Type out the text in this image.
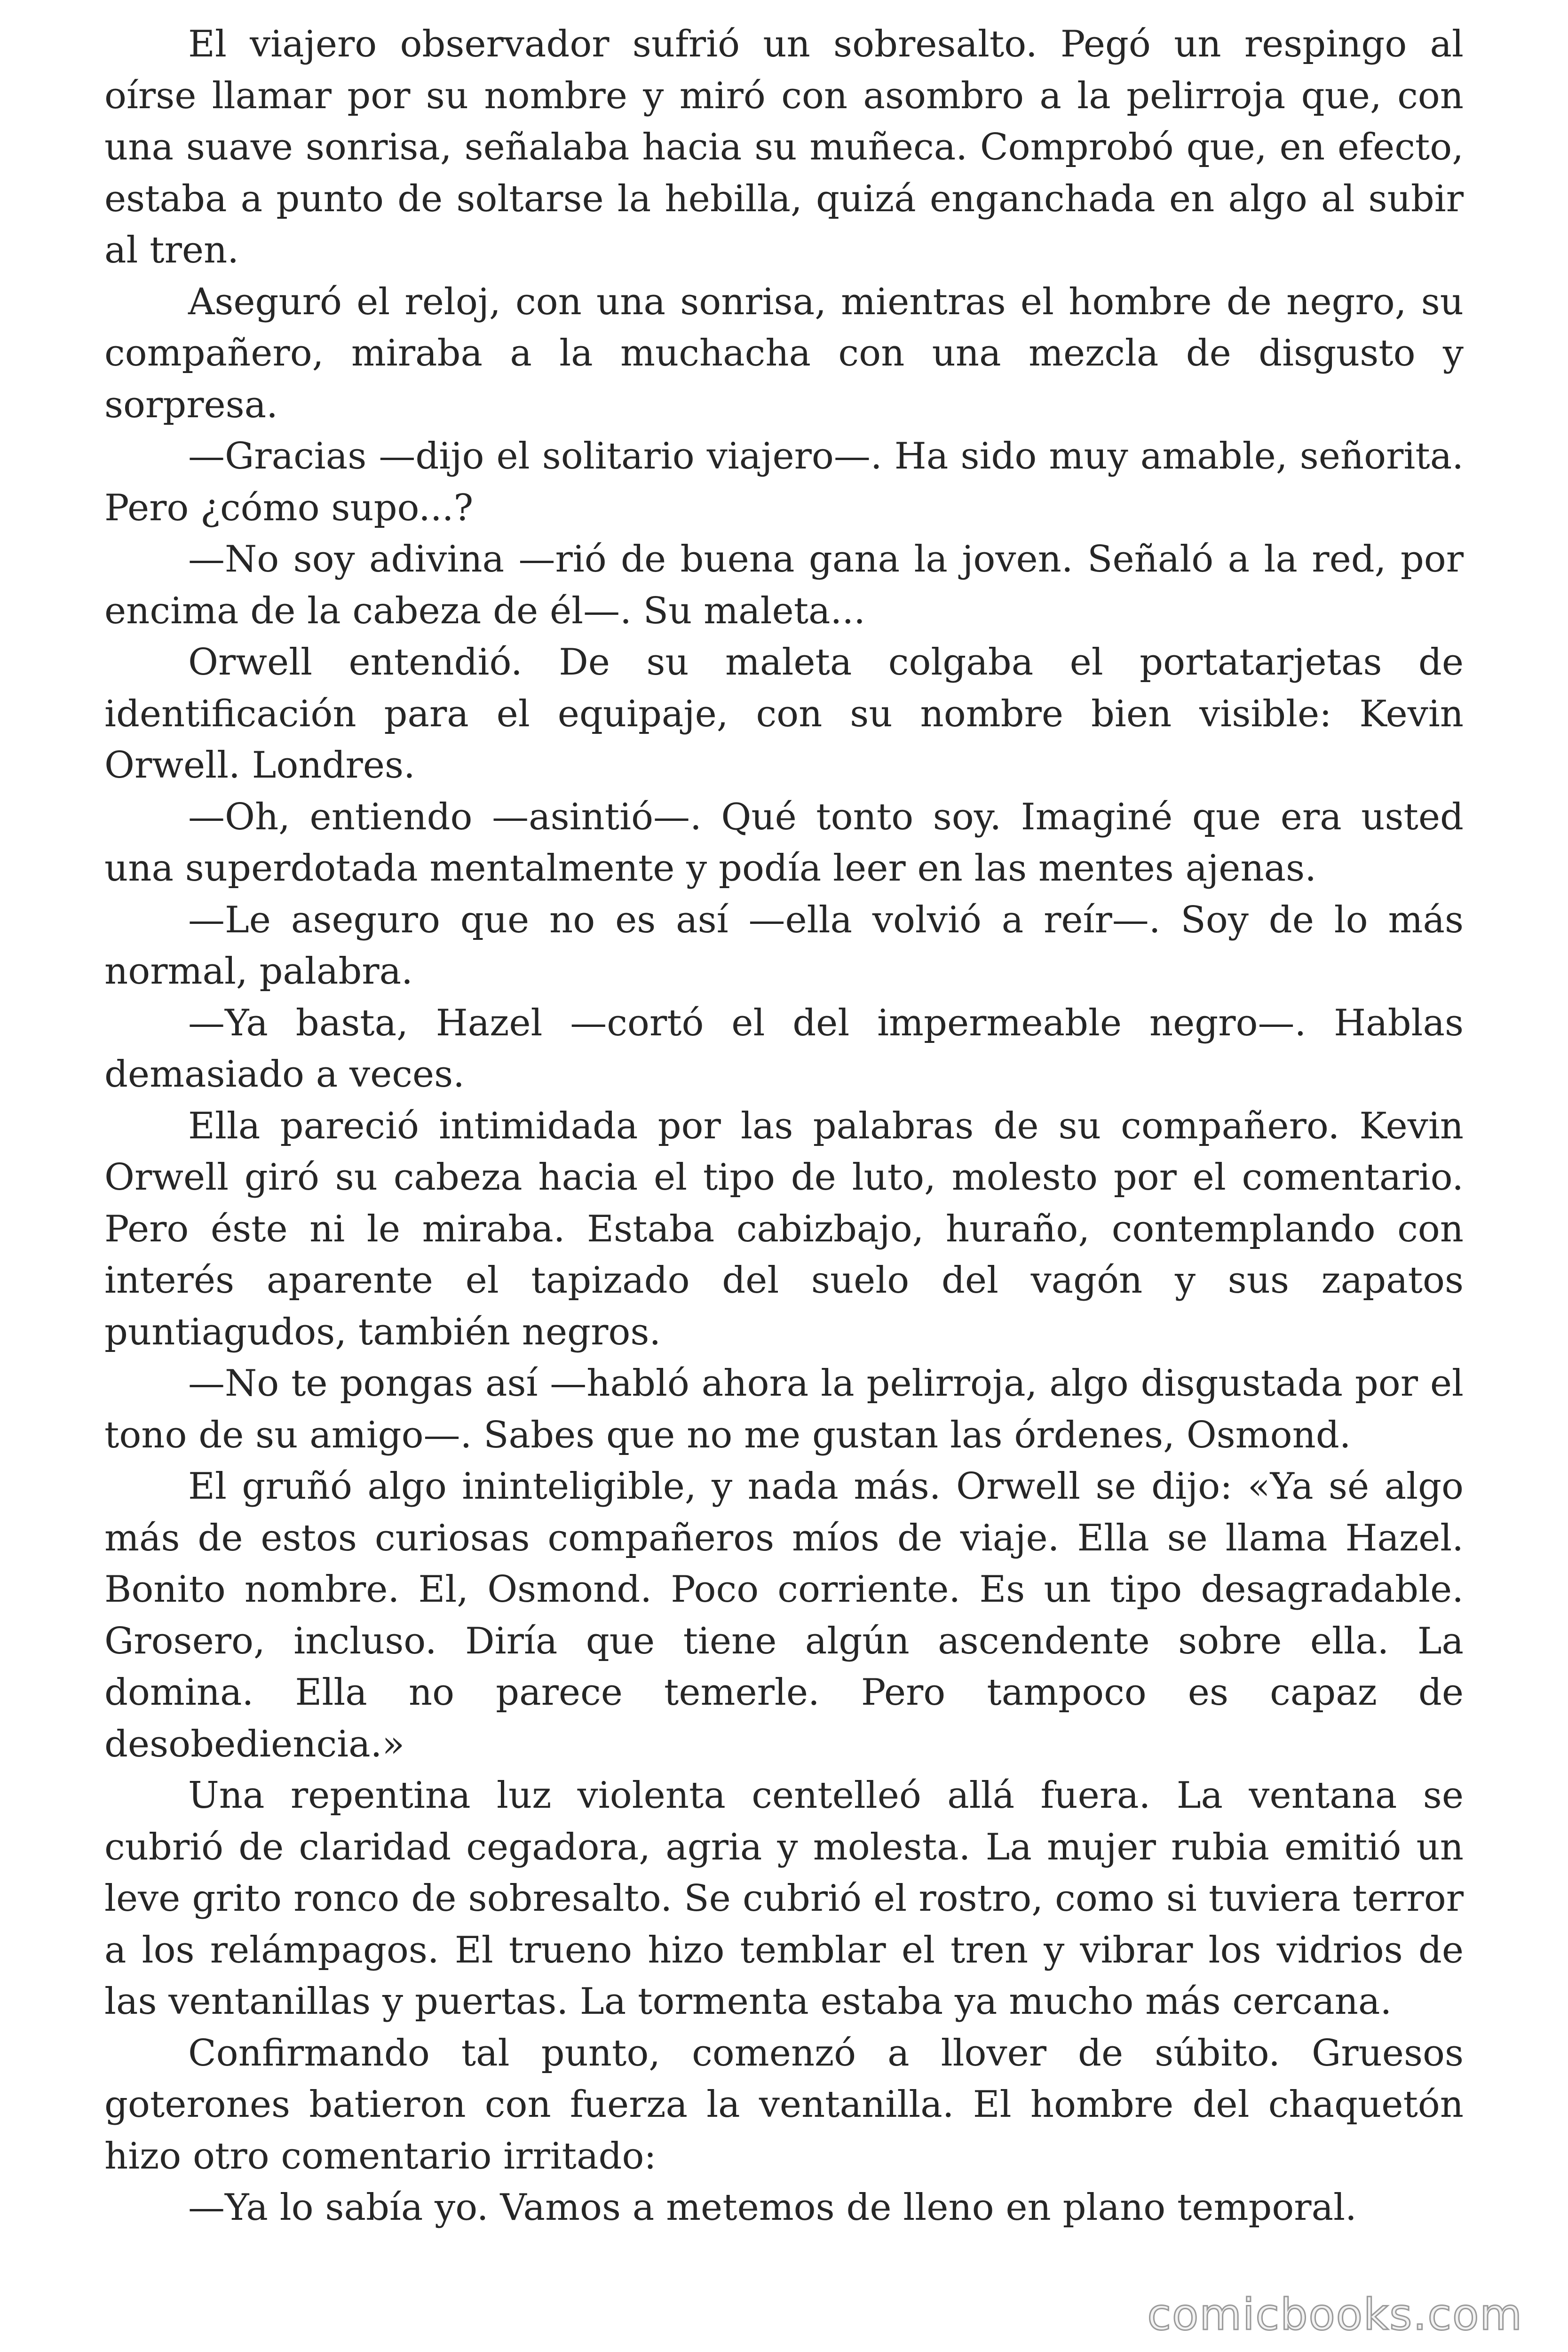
El viajero observador sufrió un sobresalto. Pegó un respingo al oírse llamar por su nombre y miró con asombro a la pelirroja que, con una suave sonrisa, señalaba hacia su muñeca. Comprobó que, en efecto, estaba a punto de soltarse la hebilla, quizá enganchada en algo al subir al tren.

Aseguró el reloj, con una sonrisa, mientras el hombre de negro, su compañero, miraba a la muchacha con una mezcla de disgusto y sorpresa.

—Gracias —dijo el solitario viajero—. Ha sido muy amable, señorita. Pero ¿cómo supo...?

—No soy adivina —rió de buena gana la joven. Señaló a la red, por encima de la cabeza de él—. Su maleta...

Orwell entendió. De su maleta colgaba el portatarjetas de identificación para el equipaje, con su nombre bien visible: Kevin Orwell. Londres.

—Oh, entiendo —asintió—. Qué tonto soy. Imaginé que era usted una superdotada mentalmente y podía leer en las mentes ajenas.

—Le aseguro que no es así —ella volvió a reír—. Soy de lo más normal, palabra.

—Ya basta, Hazel —cortó el del impermeable negro—. Hablas demasiado a veces.

Ella pareció intimidada por las palabras de su compañero. Kevin Orwell giró su cabeza hacia el tipo de luto, molesto por el comentario. Pero éste ni le miraba. Estaba cabizbajo, huraño, contemplando con interés aparente el tapizado del suelo del vagón y sus zapatos puntiagudos, también negros.

—No te pongas así —habló ahora la pelirroja, algo disgustada por el tono de su amigo—. Sabes que no me gustan las órdenes, Osmond.

El gruñó algo ininteligible, y nada más. Orwell se dijo: «Ya sé algo más de estos curiosas compañeros míos de viaje. Ella se llama Hazel. Bonito nombre. El, Osmond. Poco corriente. Es un tipo desagradable. Grosero, incluso. Diría que tiene algún ascendente sobre ella. La domina. Ella no parece temerle. Pero tampoco es capaz de desobediencia.»

Una repentina luz violenta centelleó allá fuera. La ventana se cubrió de claridad cegadora, agria y molesta. La mujer rubia emitió un leve grito ronco de sobresalto. Se cubrió el rostro, como si tuviera terror a los relámpagos. El trueno hizo temblar el tren y vibrar los vidrios de las ventanillas y puertas. La tormenta estaba ya mucho más cercana.

Confirmando tal punto, comenzó a llover de súbito. Gruesos goterones batieron con fuerza la ventanilla. El hombre del chaquetón hizo otro comentario irritado:

—Ya lo sabía yo. Vamos a metemos de lleno en plano temporal.

comicbooks.com
